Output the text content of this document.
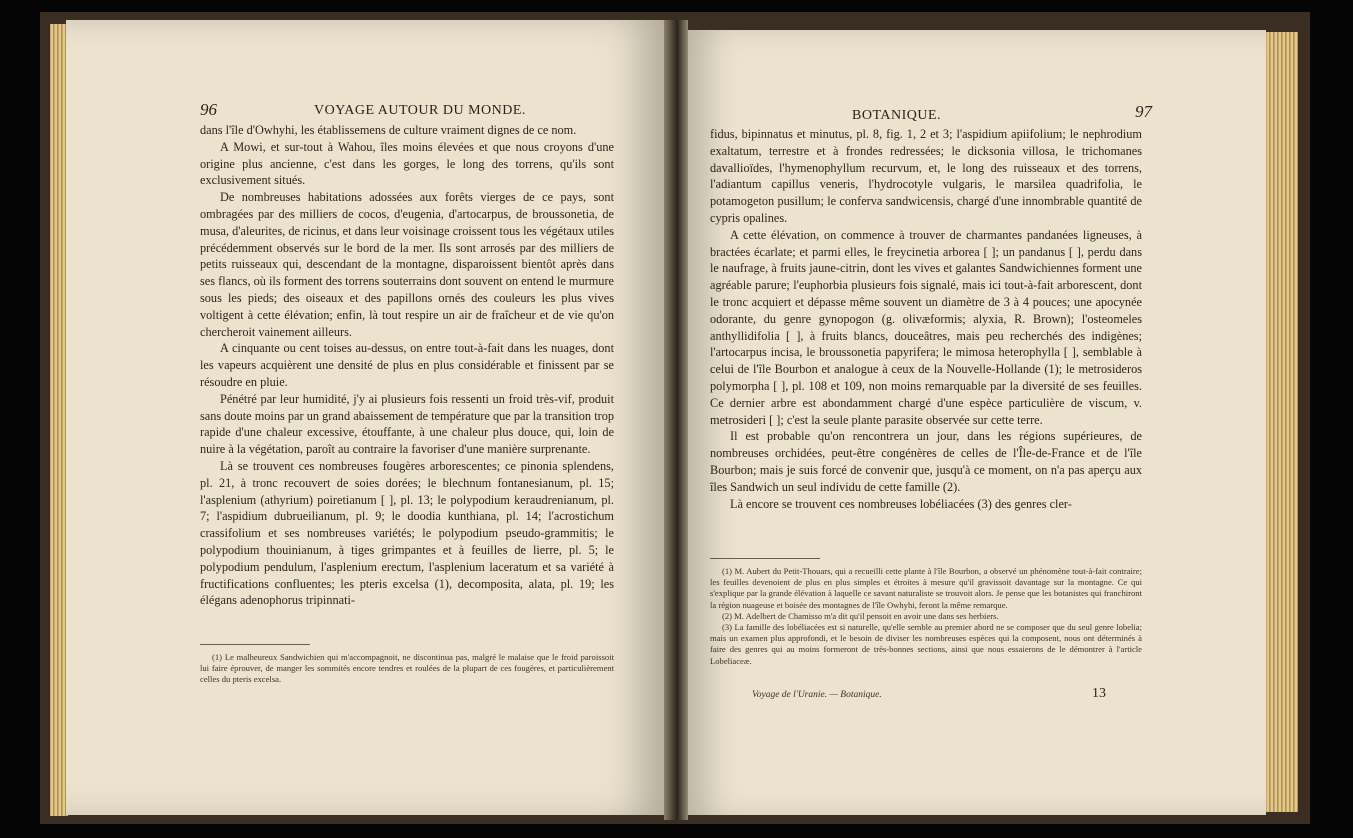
96	VOYAGE AUTOUR DU MONDE.

dans l'île d'Owhyhi, les établissemens de culture vraiment dignes de ce nom.

A Mowi, et sur-tout à Wahou, îles moins élevées et que nous croyons d'une origine plus ancienne, c'est dans les gorges, le long des torrens, qu'ils sont exclusivement situés.

De nombreuses habitations adossées aux forêts vierges de ce pays, sont ombragées par des milliers de cocos, d'eugenia, d'artocarpus, de broussonetia, de musa, d'aleurites, de ricinus, et dans leur voisinage croissent tous les végétaux utiles précédemment observés sur le bord de la mer. Ils sont arrosés par des milliers de petits ruisseaux qui, descendant de la montagne, disparoissent bientôt après dans ses flancs, où ils forment des torrens souterrains dont souvent on entend le murmure sous les pieds; des oiseaux et des papillons ornés des couleurs les plus vives voltigent à cette élévation; enfin, là tout respire un air de fraîcheur et de vie qu'on chercheroit vainement ailleurs.

A cinquante ou cent toises au-dessus, on entre tout-à-fait dans les nuages, dont les vapeurs acquièrent une densité de plus en plus considérable et finissent par se résoudre en pluie.

Pénétré par leur humidité, j'y ai plusieurs fois ressenti un froid très-vif, produit sans doute moins par un grand abaissement de température que par la transition trop rapide d'une chaleur excessive, étouffante, à une chaleur plus douce, qui, loin de nuire à la végétation, paroît au contraire la favoriser d'une manière surprenante.

Là se trouvent ces nombreuses fougères arborescentes; ce pinonia splendens, pl. 21, à tronc recouvert de soies dorées; le blechnum fontanesianum, pl. 15; l'asplenium (athyrium) poiretianum [ ], pl. 13; le polypodium keraudrenianum, pl. 7; l'aspidium dubrueilianum, pl. 9; le doodia kunthiana, pl. 14; l'acrostichum crassifolium et ses nombreuses variétés; le polypodium pseudo-grammitis; le polypodium thouinianum, à tiges grimpantes et à feuilles de lierre, pl. 5; le polypodium pendulum, l'asplenium erectum, l'asplenium laceratum et sa variété à fructifications confluentes; les pteris excelsa (1), decomposita, alata, pl. 19; les élégans adenophorus tripinnati-

(1) Le malheureux Sandwichien qui m'accompagnoit, ne discontinua pas, malgré le malaise que le froid paroissoit lui faire éprouver, de manger les sommités encore tendres et roulées de la plupart de ces fougères, et particulièrement celles du pteris excelsa.

BOTANIQUE.	97

fidus, bipinnatus et minutus, pl. 8, fig. 1, 2 et 3; l'aspidium apiifolium; le nephrodium exaltatum, terrestre et à frondes redressées; le dicksonia villosa, le trichomanes davallioïdes, l'hymenophyllum recurvum, et, le long des ruisseaux et des torrens, l'adiantum capillus veneris, l'hydrocotyle vulgaris, le marsilea quadrifolia, le potamogeton pusillum; le conferva sandwicensis, chargé d'une innombrable quantité de cypris opalines.

A cette élévation, on commence à trouver de charmantes pandanées ligneuses, à bractées écarlate; et parmi elles, le freycinetia arborea [ ]; un pandanus [ ], perdu dans le naufrage, à fruits jaune-citrin, dont les vives et galantes Sandwichiennes forment une agréable parure; l'euphorbia plusieurs fois signalé, mais ici tout-à-fait arborescent, dont le tronc acquiert et dépasse même souvent un diamètre de 3 à 4 pouces; une apocynée odorante, du genre gynopogon (g. olivæformis; alyxia, R. Brown); l'osteomeles anthyllidifolia [ ], à fruits blancs, douceâtres, mais peu recherchés des indigènes; l'artocarpus incisa, le broussonetia papyrifera; le mimosa heterophylla [ ], semblable à celui de l'île Bourbon et analogue à ceux de la Nouvelle-Hollande (1); le metrosideros polymorpha [ ], pl. 108 et 109, non moins remarquable par la diversité de ses feuilles. Ce dernier arbre est abondamment chargé d'une espèce particulière de viscum, v. metrosideri [ ]; c'est la seule plante parasite observée sur cette terre.

Il est probable qu'on rencontrera un jour, dans les régions supérieures, de nombreuses orchidées, peut-être congénères de celles de l'Île-de-France et de l'île Bourbon; mais je suis forcé de convenir que, jusqu'à ce moment, on n'a pas aperçu aux îles Sandwich un seul individu de cette famille (2).

Là encore se trouvent ces nombreuses lobéliacées (3) des genres cler-

(1) M. Aubert du Petit-Thouars, qui a recueilli cette plante à l'île Bourbon, a observé un phénomène tout-à-fait contraire; les feuilles devenoient de plus en plus simples et étroites à mesure qu'il gravissoit davantage sur la montagne. Ce qui s'explique par la grande élévation à laquelle ce savant naturaliste se trouvoit alors. Je pense que les botanistes qui franchiront la région nuageuse et boisée des montagnes de l'île Owhyhi, feront la même remarque.

(2) M. Adelbert de Chamisso m'a dit qu'il pensoit en avoir une dans ses herbiers.

(3) La famille des lobéliacées est si naturelle, qu'elle semble au premier abord ne se composer que du seul genre lobelia; mais un examen plus approfondi, et le besoin de diviser les nombreuses espèces qui la composent, nous ont déterminés à faire des genres qui au moins formeront de très-bonnes sections, ainsi que nous essaierons de le démontrer à l'article Lobeliaceæ.

Voyage de l'Uranie. — Botanique.	13
